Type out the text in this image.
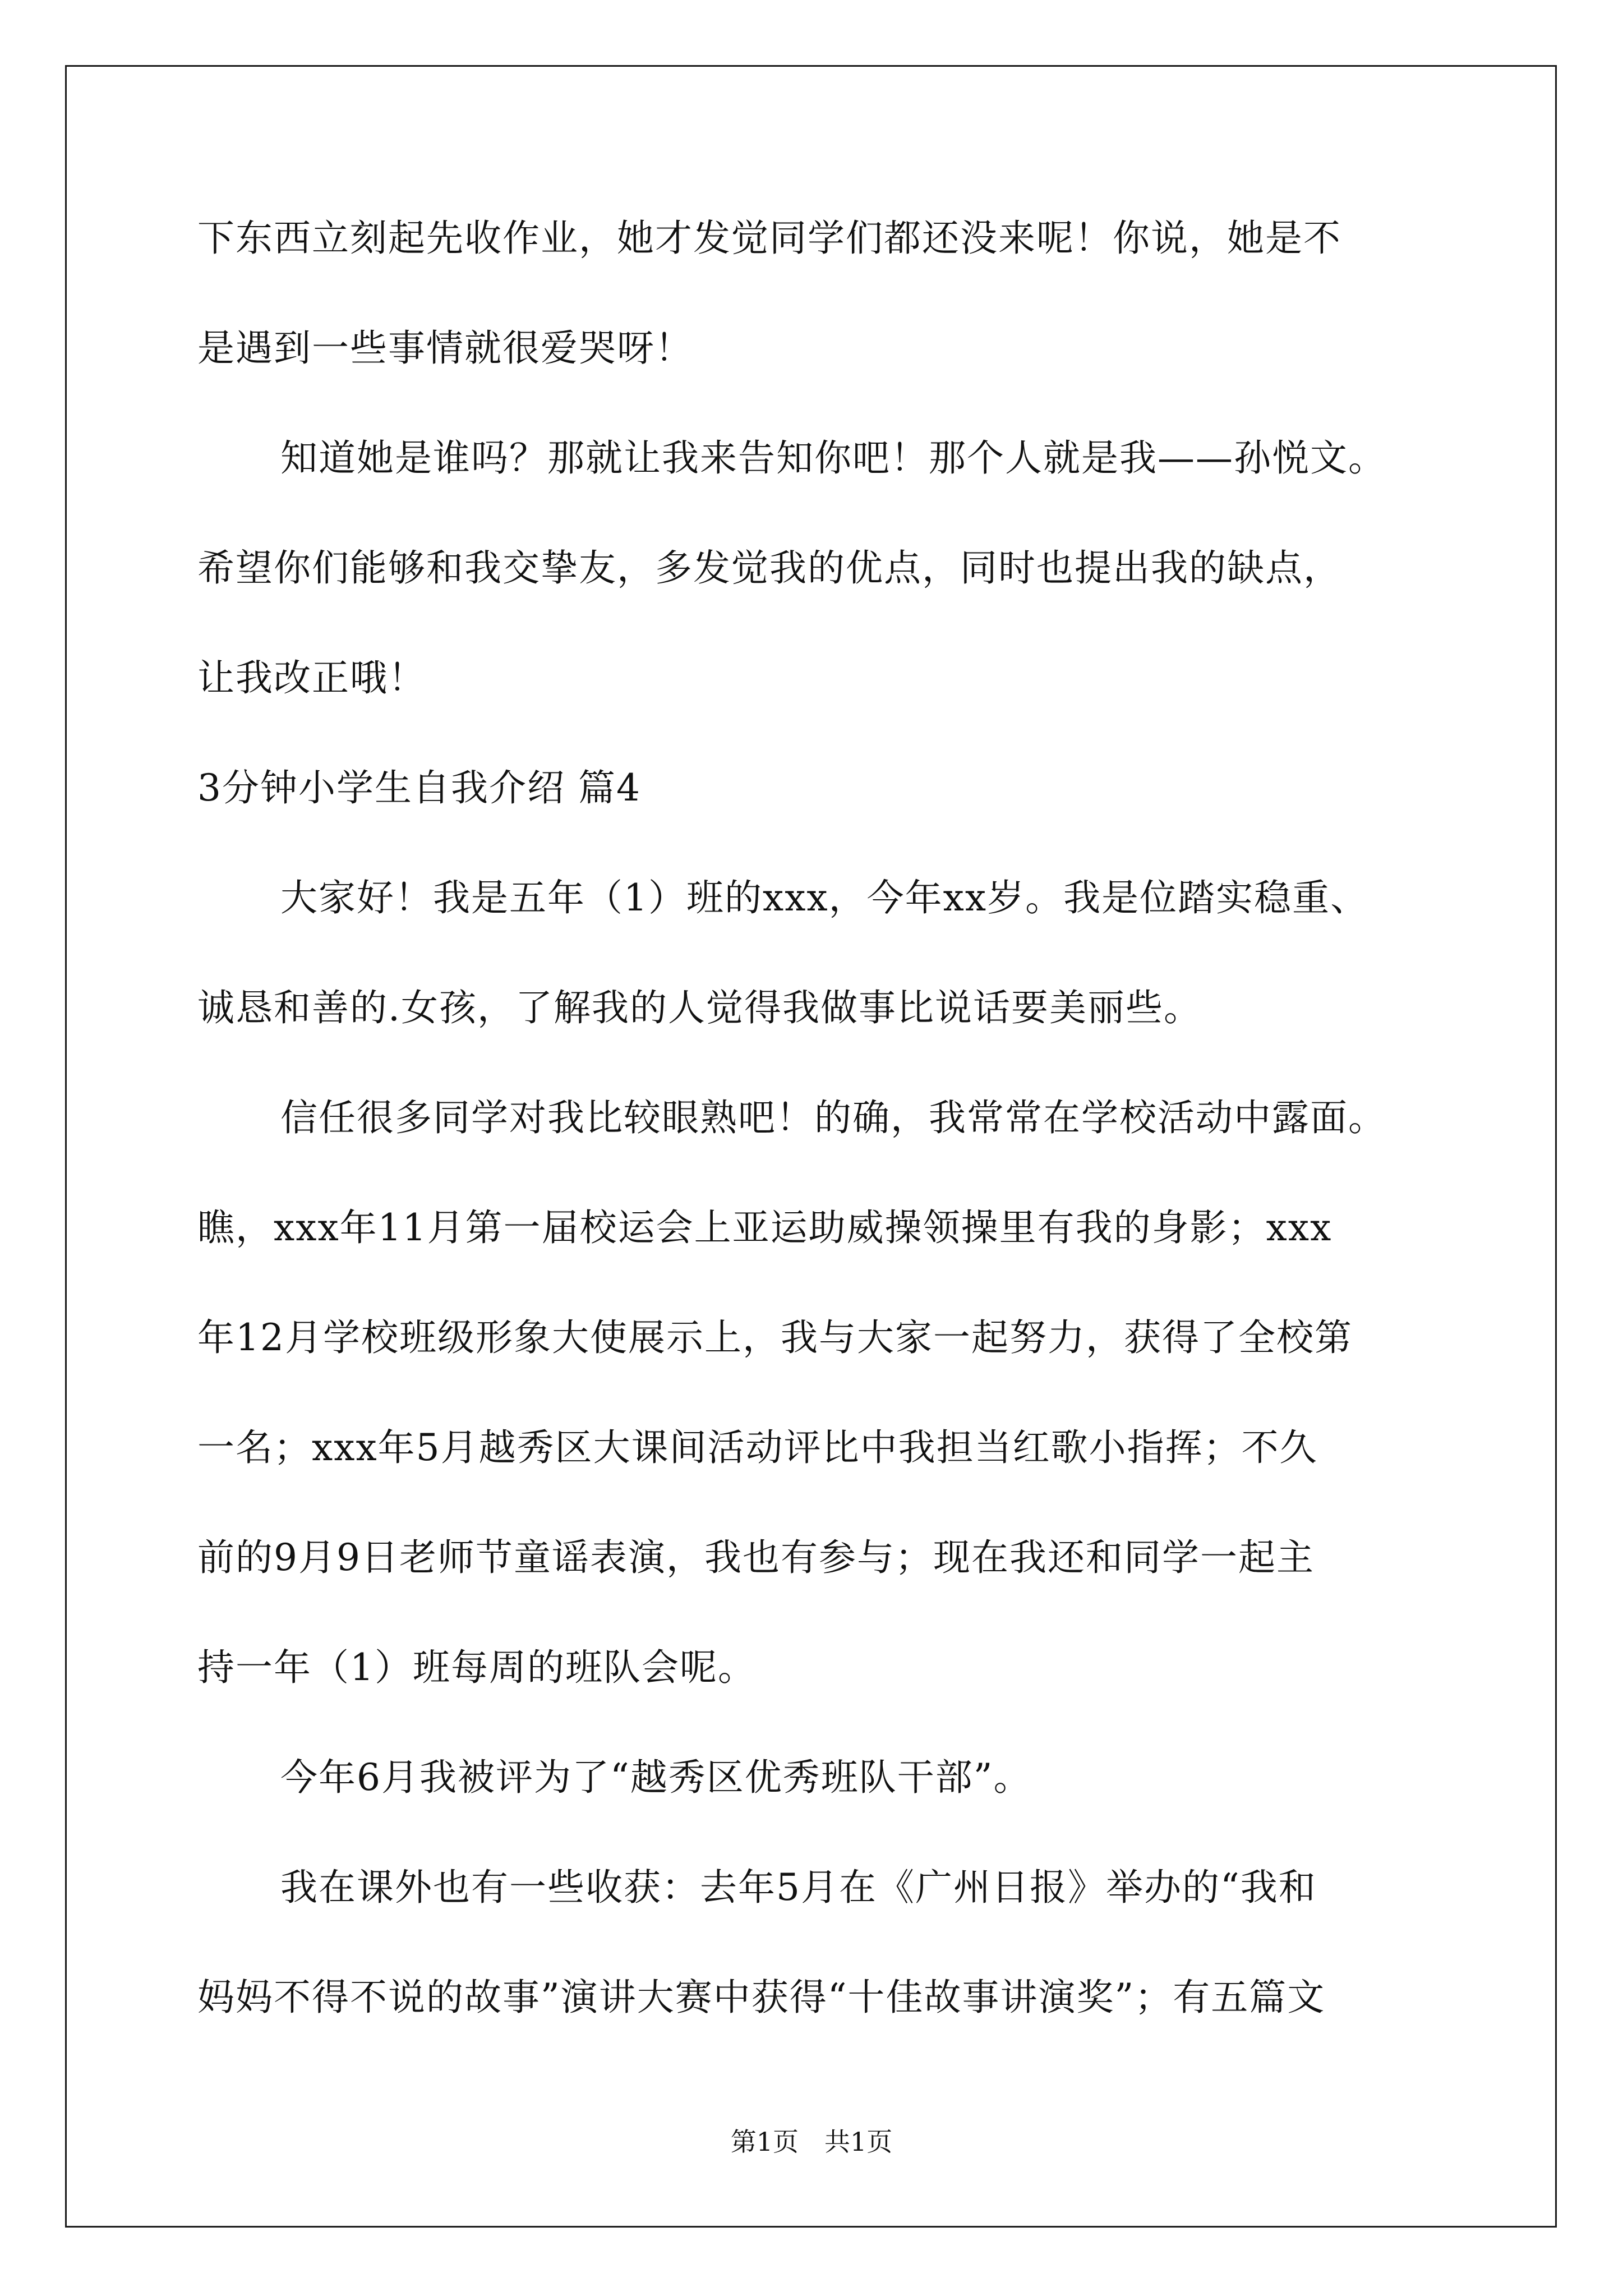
下东西立刻起先收作业，她才发觉同学们都还没来呢！你说，她是不
是遇到一些事情就很爱哭呀！
知道她是谁吗？那就让我来告知你吧！那个人就是我——孙悦文。
希望你们能够和我交挚友，多发觉我的优点，同时也提出我的缺点，
让我改正哦！
3分钟小学生自我介绍 篇4
大家好！我是五年（1）班的xxx，今年xx岁。我是位踏实稳重、
诚恳和善的.女孩，了解我的人觉得我做事比说话要美丽些。
信任很多同学对我比较眼熟吧！的确，我常常在学校活动中露面。
瞧，xxx年11月第一届校运会上亚运助威操领操里有我的身影；xxx
年12月学校班级形象大使展示上，我与大家一起努力，获得了全校第
一名；xxx年5月越秀区大课间活动评比中我担当红歌小指挥；不久
前的9月9日老师节童谣表演，我也有参与；现在我还和同学一起主
持一年（1）班每周的班队会呢。
今年6月我被评为了“越秀区优秀班队干部”。
我在课外也有一些收获：去年5月在《广州日报》举办的“我和
妈妈不得不说的故事”演讲大赛中获得“十佳故事讲演奖”；有五篇文
第1页　共1页
